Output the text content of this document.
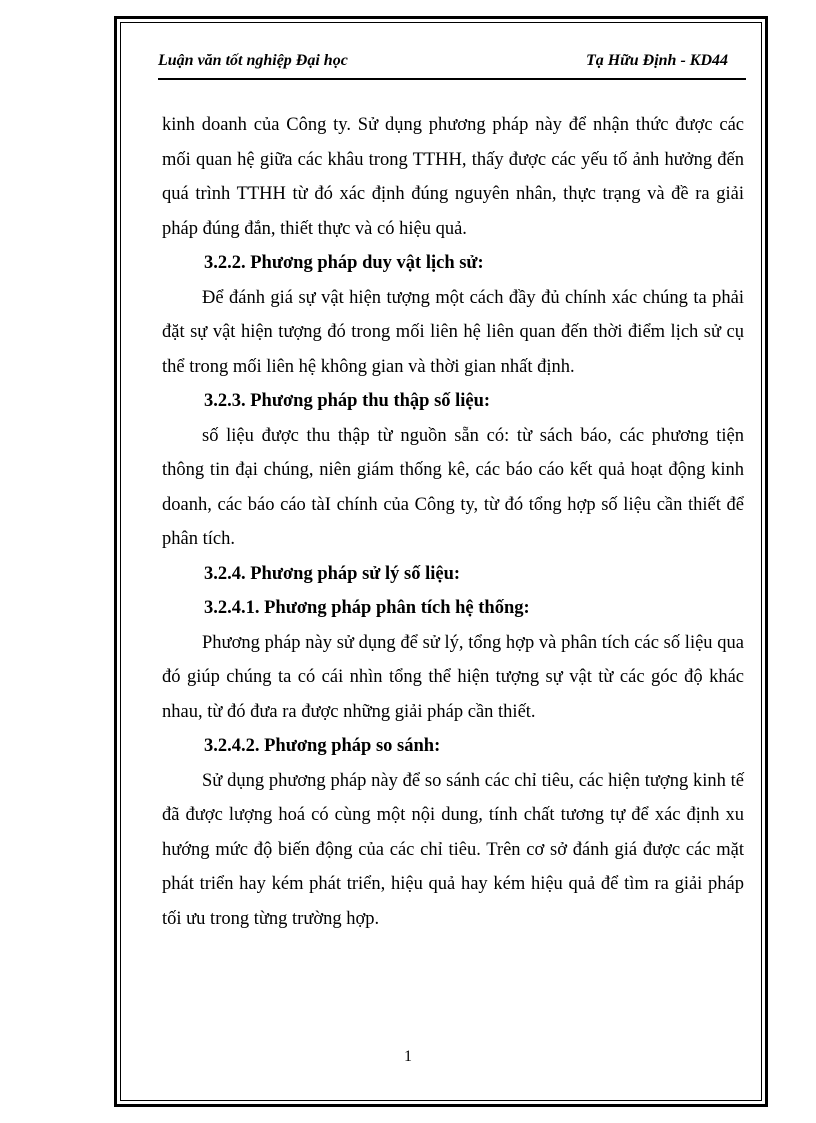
Luận văn tốt nghiệp Đại học	Tạ Hữu Định - KD44

kinh doanh của Công ty. Sử dụng phương pháp này để nhận thức được các mối quan hệ giữa các khâu trong TTHH, thấy được các yếu tố ảnh hưởng đến quá trình TTHH từ đó xác định đúng nguyên nhân, thực trạng và đề ra giải pháp đúng đắn, thiết thực và có hiệu quả.

3.2.2. Phương pháp duy vật lịch sử:

Để đánh giá sự vật hiện tượng một cách đầy đủ chính xác chúng ta phải đặt sự vật hiện tượng đó trong mối liên hệ liên quan đến thời điểm lịch sử cụ thể trong mối liên hệ không gian và thời gian nhất định.

3.2.3. Phương pháp thu thập số liệu:

số liệu được thu thập từ nguồn sẵn có: từ sách báo, các phương tiện thông tin đại chúng, niên giám thống kê, các báo cáo kết quả hoạt động kinh doanh, các báo cáo tàI chính của Công ty, từ đó tổng hợp số liệu cần thiết để phân tích.

3.2.4. Phương pháp sử lý số liệu:

3.2.4.1. Phương pháp phân tích hệ thống:

Phương pháp này sử dụng để sử lý, tổng hợp và phân tích các số liệu qua đó giúp chúng ta có cái nhìn tổng thể hiện tượng sự vật từ các góc độ khác nhau, từ đó đưa ra được những giải pháp cần thiết.

3.2.4.2. Phương pháp so sánh:

Sử dụng phương pháp này để so sánh các chỉ tiêu, các hiện tượng kinh tế đã được lượng hoá có cùng một nội dung, tính chất tương tự để xác định xu hướng mức độ biến động của các chỉ tiêu. Trên cơ sở đánh giá được các mặt phát triển hay kém phát triển, hiệu quả hay kém hiệu quả để tìm ra giải pháp tối ưu trong từng trường hợp.

1
